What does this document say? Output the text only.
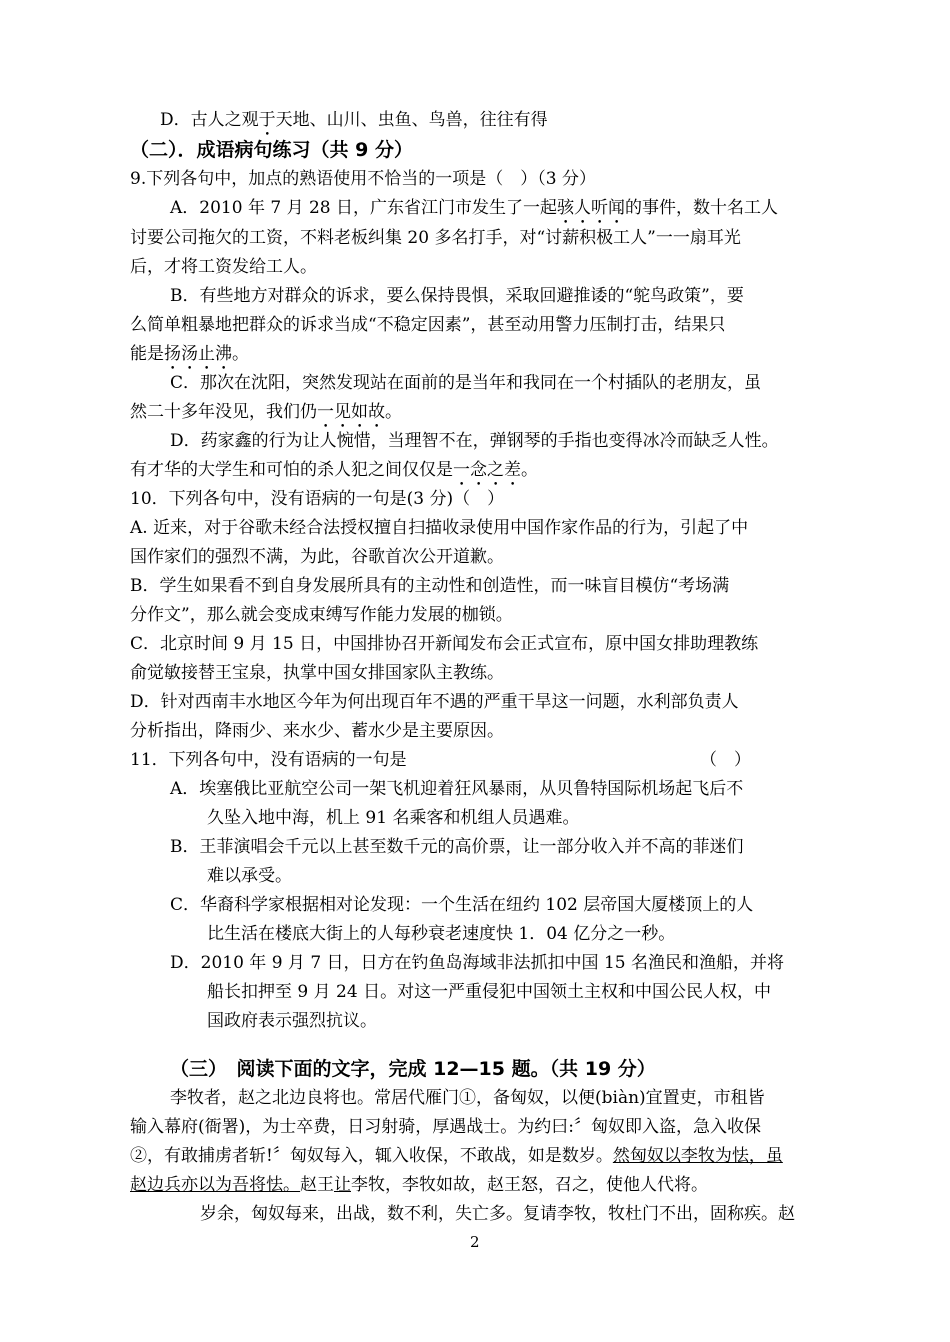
D．古人之观于天地、山川、虫鱼、鸟兽，往往有得
（二）．成语病句练习（共 9 分）
9.下列各句中，加点的熟语使用不恰当的一项是（　）（3 分）
A．2010 年 7 月 28 日，广东省江门市发生了一起骇人听闻的事件，数十名工人
讨要公司拖欠的工资，不料老板纠集 20 多名打手，对“讨薪积极工人”一一扇耳光
后，才将工资发给工人。
B．有些地方对群众的诉求，要么保持畏惧，采取回避推诿的“鸵鸟政策”，要
么简单粗暴地把群众的诉求当成“不稳定因素”，甚至动用警力压制打击，结果只
能是扬汤止沸。
C．那次在沈阳，突然发现站在面前的是当年和我同在一个村插队的老朋友，虽
然二十多年没见，我们仍一见如故。
D．药家鑫的行为让人惋惜，当理智不在，弹钢琴的手指也变得冰冷而缺乏人性。
有才华的大学生和可怕的杀人犯之间仅仅是一念之差。
10．下列各句中，没有语病的一句是(3 分)（　）
A. 近来，对于谷歌未经合法授权擅自扫描收录使用中国作家作品的行为，引起了中
国作家们的强烈不满，为此，谷歌首次公开道歉。
B．学生如果看不到自身发展所具有的主动性和创造性，而一味盲目模仿“考场满
分作文”，那么就会变成束缚写作能力发展的枷锁。
C．北京时间 9 月 15 日，中国排协召开新闻发布会正式宣布，原中国女排助理教练
俞觉敏接替王宝泉，执掌中国女排国家队主教练。
D．针对西南丰水地区今年为何出现百年不遇的严重干旱这一问题，水利部负责人
分析指出，降雨少、来水少、蓄水少是主要原因。
11．下列各句中，没有语病的一句是	（　）
A．埃塞俄比亚航空公司一架飞机迎着狂风暴雨，从贝鲁特国际机场起飞后不
久坠入地中海，机上 91 名乘客和机组人员遇难。
B．王菲演唱会千元以上甚至数千元的高价票，让一部分收入并不高的菲迷们
难以承受。
C．华裔科学家根据相对论发现：一个生活在纽约 102 层帝国大厦楼顶上的人
比生活在楼底大街上的人每秒衰老速度快 1．04 亿分之一秒。
D．2010 年 9 月 7 日，日方在钓鱼岛海域非法抓扣中国 15 名渔民和渔船，并将
船长扣押至 9 月 24 日。对这一严重侵犯中国领土主权和中国公民人权，中
国政府表示强烈抗议。
（三）　阅读下面的文字，完成 12—15 题。（共 19 分）
李牧者，赵之北边良将也。常居代雁门①，备匈奴，以便(biàn)宜置吏，市租皆
输入幕府(衙署)，为士卒费，日习射骑，厚遇战士。为约曰:〞匈奴即入盗，急入收保
②，有敢捕虏者斩!〞匈奴每入，辄入收保，不敢战，如是数岁。然匈奴以李牧为怯，虽
赵边兵亦以为吾将怯。赵王让李牧，李牧如故，赵王怒，召之，使他人代将。
岁余，匈奴每来，出战，数不利，失亡多。复请李牧，牧杜门不出，固称疾。赵
2
